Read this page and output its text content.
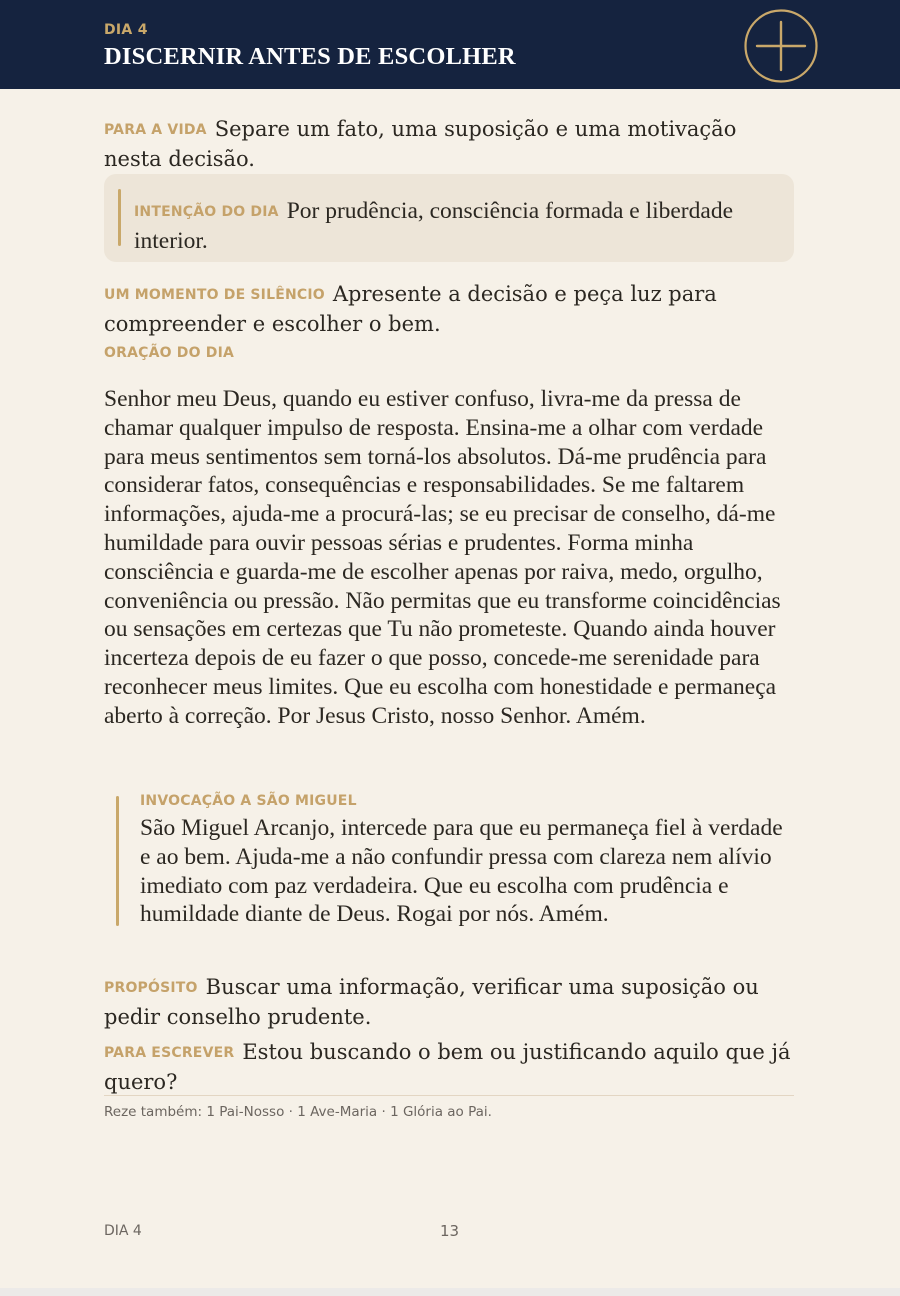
DIA 4
DISCERNIR ANTES DE ESCOLHER
PARA A VIDA Separe um fato, uma suposição e uma motivação nesta decisão.
INTENÇÃO DO DIA Por prudência, consciência formada e liberdade interior.
UM MOMENTO DE SILÊNCIO Apresente a decisão e peça luz para compreender e escolher o bem.
ORAÇÃO DO DIA
Senhor meu Deus, quando eu estiver confuso, livra-me da pressa de chamar qualquer impulso de resposta. Ensina-me a olhar com verdade para meus sentimentos sem torná-los absolutos. Dá-me prudência para considerar fatos, consequências e responsabilidades. Se me faltarem informações, ajuda-me a procurá-las; se eu precisar de conselho, dá-me humildade para ouvir pessoas sérias e prudentes. Forma minha consciência e guarda-me de escolher apenas por raiva, medo, orgulho, conveniência ou pressão. Não permitas que eu transforme coincidências ou sensações em certezas que Tu não prometeste. Quando ainda houver incerteza depois de eu fazer o que posso, concede-me serenidade para reconhecer meus limites. Que eu escolha com honestidade e permaneça aberto à correção. Por Jesus Cristo, nosso Senhor. Amém.
INVOCAÇÃO A SÃO MIGUEL
São Miguel Arcanjo, intercede para que eu permaneça fiel à verdade e ao bem. Ajuda-me a não confundir pressa com clareza nem alívio imediato com paz verdadeira. Que eu escolha com prudência e humildade diante de Deus. Rogai por nós. Amém.
PROPÓSITO Buscar uma informação, verificar uma suposição ou pedir conselho prudente.
PARA ESCREVER Estou buscando o bem ou justificando aquilo que já quero?
Reze também: 1 Pai-Nosso · 1 Ave-Maria · 1 Glória ao Pai.
DIA 4	13
